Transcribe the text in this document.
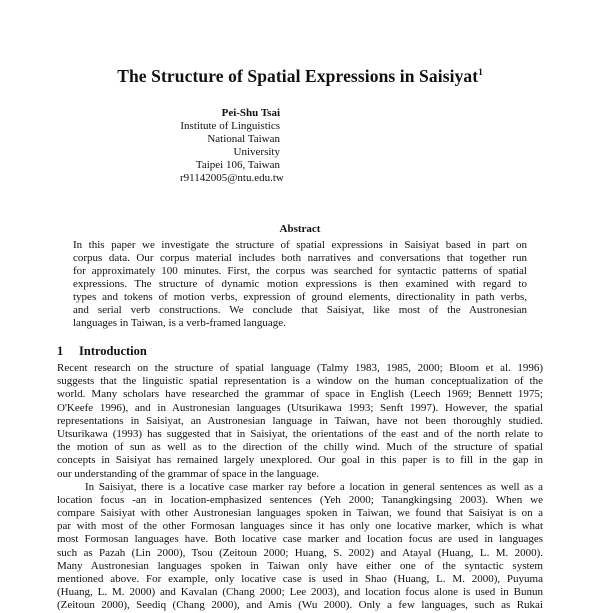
The Structure of Spatial Expressions in Saisiyat$^1$
Pei-Shu Tsai
Institute of Linguistics
National Taiwan University
Taipei 106, Taiwan
r91142005@ntu.edu.tw
Abstract
In this paper we investigate the structure of spatial expressions in Saisiyat based in part on
corpus data. Our corpus material includes both narratives and conversations that together run
for approximately 100 minutes. First, the corpus was searched for syntactic patterns of spatial
expressions. The structure of dynamic motion expressions is then examined with regard to
types and tokens of motion verbs, expression of ground elements, directionality in path verbs,
and serial verb constructions. We conclude that Saisiyat, like most of the Austronesian
languages in Taiwan, is a verb-framed language.
1 Introduction
Recent research on the structure of spatial language (Talmy 1983, 1985, 2000; Bloom et al. 1996)
suggests that the linguistic spatial representation is a window on the human conceptualization of the
world. Many scholars have researched the grammar of space in English (Leech 1969; Bennett 1975;
O'Keefe 1996), and in Austronesian languages (Utsurikawa 1993; Senft 1997). However, the spatial
representations in Saisiyat, an Austronesian language in Taiwan, have not been thoroughly studied.
Utsurikawa (1993) has suggested that in Saisiyat, the orientations of the east and of the north relate to
the motion of sun as well as to the direction of the chilly wind. Much of the structure of spatial
concepts in Saisiyat has remained largely unexplored. Our goal in this paper is to fill in the gap in
our understanding of the grammar of space in the language.
In Saisiyat, there is a locative case marker ray before a location in general sentences as well as a
location focus -an in location-emphasized sentences (Yeh 2000; Tanangkingsing 2003). When we
compare Saisiyat with other Austronesian languages spoken in Taiwan, we found that Saisiyat is on a
par with most of the other Formosan languages since it has only one locative marker, which is what
most Formosan languages have. Both locative case marker and location focus are used in languages
such as Pazah (Lin 2000), Tsou (Zeitoun 2000; Huang, S. 2002) and Atayal (Huang, L. M. 2000).
Many Austronesian languages spoken in Taiwan only have either one of the syntactic system
mentioned above. For example, only locative case is used in Shao (Huang, L. M. 2000), Puyuma
(Huang, L. M. 2000) and Kavalan (Chang 2000; Lee 2003), and location focus alone is used in Bunun
(Zeitoun 2000), Seediq (Chang 2000), and Amis (Wu 2000). Only a few languages, such as Rukai
